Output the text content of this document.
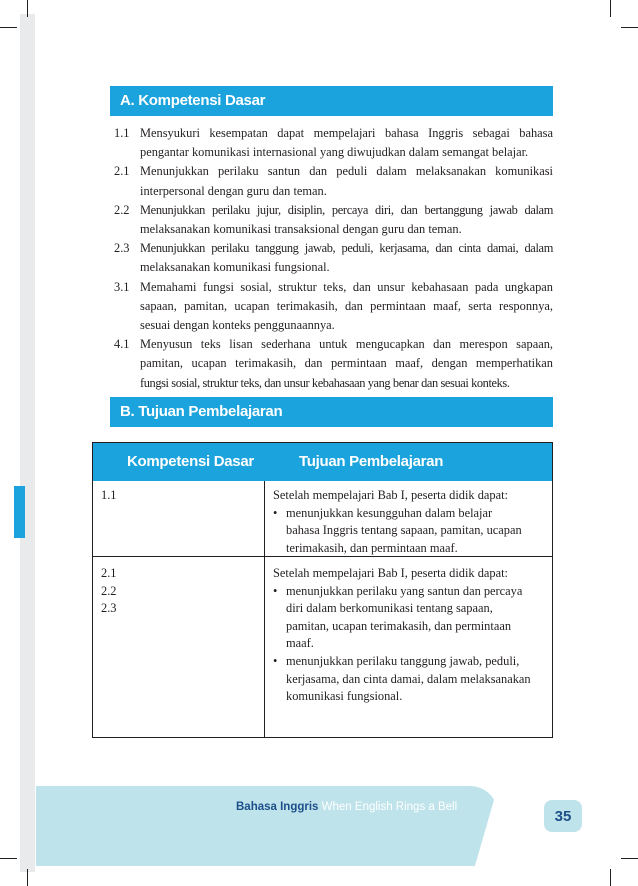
A. Kompetensi Dasar
1.1 Mensyukuri kesempatan dapat mempelajari bahasa Inggris sebagai bahasa
pengantar komunikasi internasional yang diwujudkan dalam semangat belajar.
2.1 Menunjukkan perilaku santun dan peduli dalam melaksanakan komunikasi
interpersonal dengan guru dan teman.
2.2 Menunjukkan perilaku jujur, disiplin, percaya diri, dan bertanggung jawab dalam
melaksanakan komunikasi transaksional dengan guru dan teman.
2.3 Menunjukkan perilaku tanggung jawab, peduli, kerjasama, dan cinta damai, dalam
melaksanakan komunikasi fungsional.
3.1 Memahami fungsi sosial, struktur teks, dan unsur kebahasaan pada ungkapan
sapaan, pamitan, ucapan terimakasih, dan permintaan maaf, serta responnya,
sesuai dengan konteks penggunaannya.
4.1 Menyusun teks lisan sederhana untuk mengucapkan dan merespon sapaan,
pamitan, ucapan terimakasih, dan permintaan maaf, dengan memperhatikan
fungsi sosial, struktur teks, dan unsur kebahasaan yang benar dan sesuai konteks.
B. Tujuan Pembelajaran
Kompetensi Dasar	Tujuan Pembelajaran
1.1	Setelah mempelajari Bab I, peserta didik dapat:
• menunjukkan kesungguhan dalam belajar
bahasa Inggris tentang sapaan, pamitan, ucapan
terimakasih, dan permintaan maaf.
2.1
2.2
2.3
Setelah mempelajari Bab I, peserta didik dapat:
• menunjukkan perilaku yang santun dan percaya
diri dalam berkomunikasi tentang sapaan,
pamitan, ucapan terimakasih, dan permintaan
maaf.
• menunjukkan perilaku tanggung jawab, peduli,
kerjasama, dan cinta damai, dalam melaksanakan
komunikasi fungsional.
Bahasa Inggris When English Rings a Bell
35
